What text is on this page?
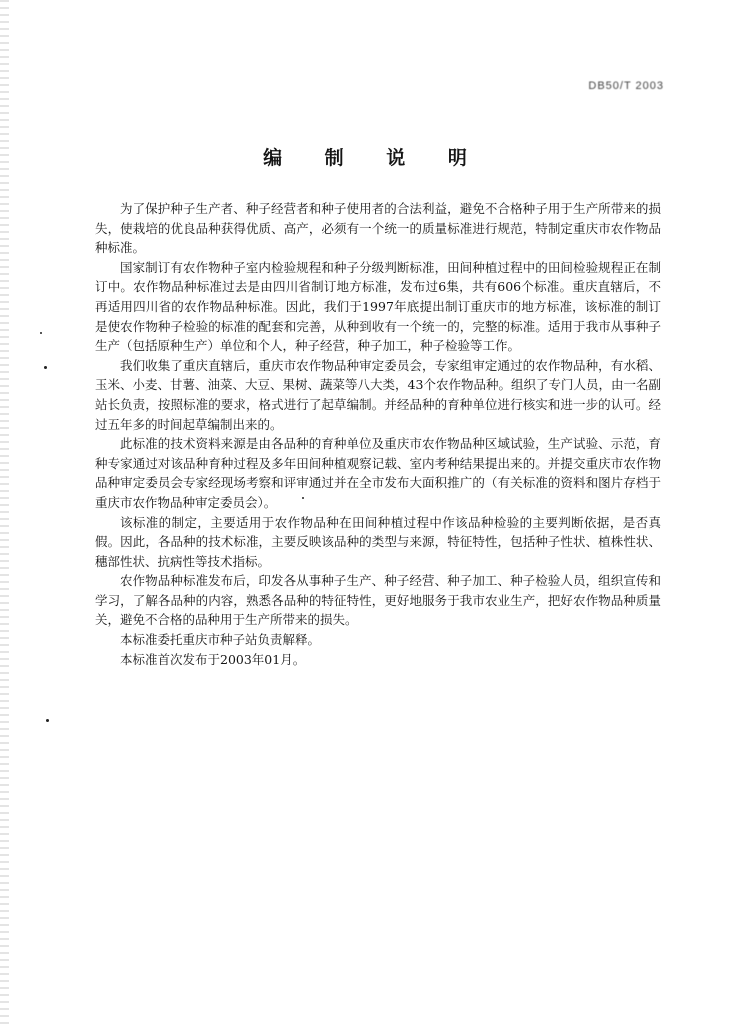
DB50/T 2003
编 制 说 明

为了保护种子生产者、种子经营者和种子使用者的合法利益，避免不合格种子用于生产所带来的损失，使栽培的优良品种获得优质、高产，必须有一个统一的质量标准进行规范，特制定重庆市农作物品种标准。

国家制订有农作物种子室内检验规程和种子分级判断标准，田间种植过程中的田间检验规程正在制订中。农作物品种标准过去是由四川省制订地方标准，发布过6集，共有606个标准。重庆直辖后，不再适用四川省的农作物品种标准。因此，我们于1997年底提出制订重庆市的地方标准，该标准的制订是使农作物种子检验的标准的配套和完善，从种到收有一个统一的，完整的标准。适用于我市从事种子生产（包括原种生产）单位和个人，种子经营，种子加工，种子检验等工作。

我们收集了重庆直辖后，重庆市农作物品种审定委员会，专家组审定通过的农作物品种，有水稻、玉米、小麦、甘薯、油菜、大豆、果树、蔬菜等八大类，43个农作物品种。组织了专门人员，由一名副站长负责，按照标准的要求，格式进行了起草编制。并经品种的育种单位进行核实和进一步的认可。经过五年多的时间起草编制出来的。

此标准的技术资料来源是由各品种的育种单位及重庆市农作物品种区域试验，生产试验、示范，育种专家通过对该品种育种过程及多年田间种植观察记载、室内考种结果提出来的。并提交重庆市农作物品种审定委员会专家经现场考察和评审通过并在全市发布大面积推广的（有关标准的资料和图片存档于重庆市农作物品种审定委员会）。

该标准的制定，主要适用于农作物品种在田间种植过程中作该品种检验的主要判断依据，是否真假。因此，各品种的技术标准，主要反映该品种的类型与来源，特征特性，包括种子性状、植株性状、穗部性状、抗病性等技术指标。

农作物品种标准发布后，印发各从事种子生产、种子经营、种子加工、种子检验人员，组织宣传和学习，了解各品种的内容，熟悉各品种的特征特性，更好地服务于我市农业生产，把好农作物品种质量关，避免不合格的品种用于生产所带来的损失。

本标准委托重庆市种子站负责解释。

本标准首次发布于2003年01月。
